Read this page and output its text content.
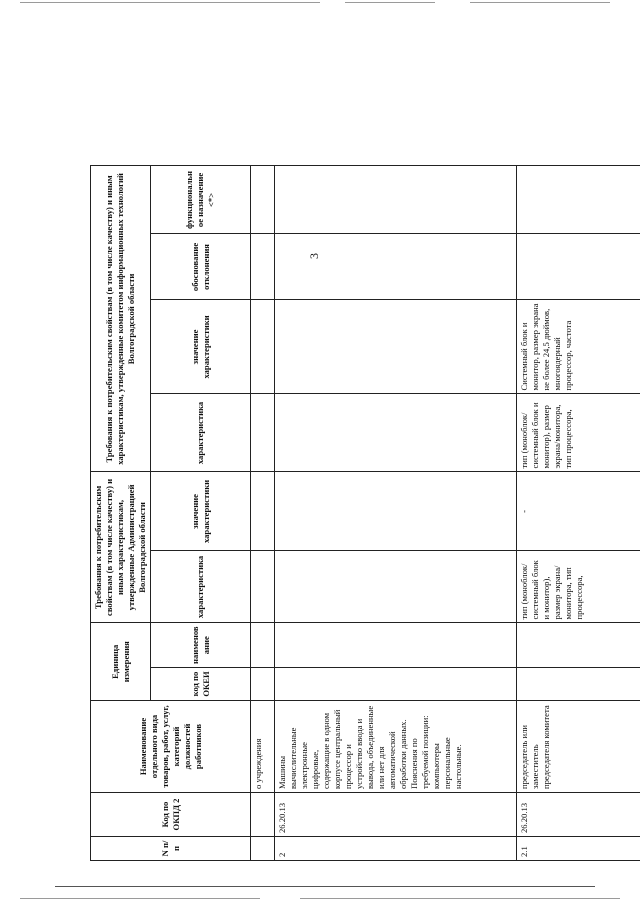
3
N п/п	Код по ОКПД 2	Наименование отдельного вида товаров, работ, услуг, категорий должностей работников	Единица измерения		Требования к потребительским свойствам (в том числе качеству) и иным характеристикам, утвержденные Администрацией Волгоградской области		Требования к потребительским свойствам (в том числе качеству) и иным характеристикам, утвержденные комитетом информационных технологий Волгоградской области			
			код по ОКЕИ	наименов ание	характеристика	значение характеристики	характеристика	значение характеристики	обоснование отклонения	функциональн ое назначение <*>
		о учреждения								
2	26.20.13	Машины вычислительные электронные цифровые, содержащие в одном корпусе центральный процессор и устройство ввода и вывода, объединенные или нет для автоматической обработки данных. Пояснения по требуемой позиции: компьютеры персональные настольные.								
2.1	26.20.13	председатель или заместитель председателя комитета			тип (моноблок/системный блок и монитор), размер экрана/монитора, тип процессора,	-	тип (моноблок/системный блок и монитор), размер экрана/монитора, тип процессора,	Системный блок и монитор, размер экрана не более 24,5 дюймов, многоядерный процессор, частота		
